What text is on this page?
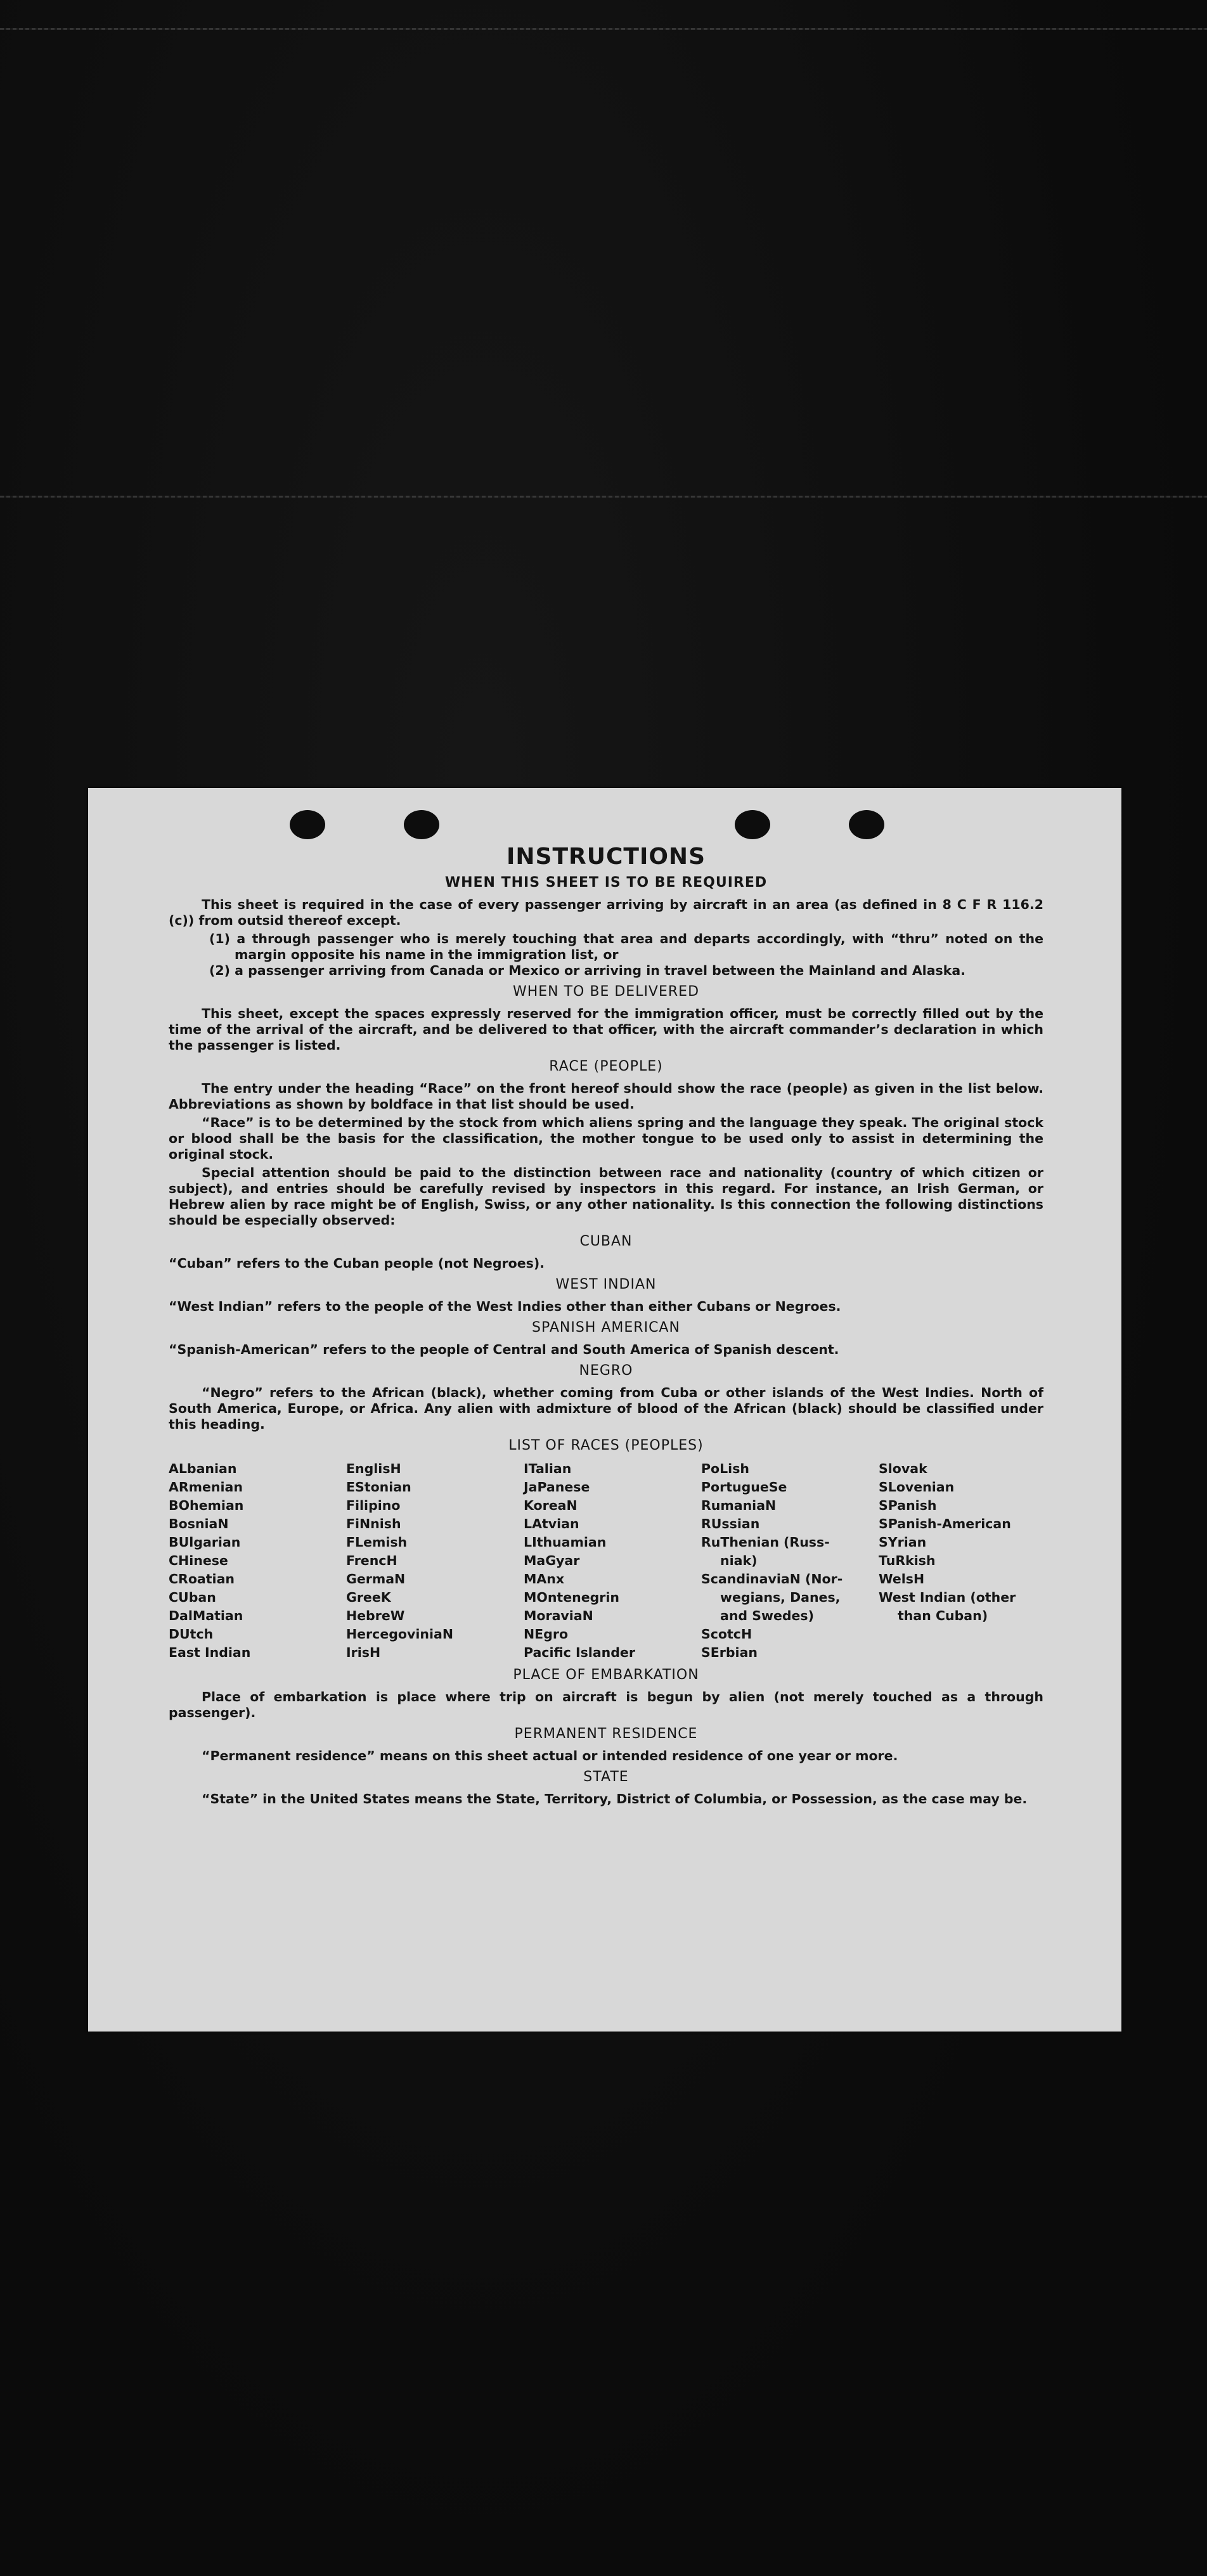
INSTRUCTIONS
WHEN THIS SHEET IS TO BE REQUIRED

This sheet is required in the case of every passenger arriving by aircraft in an area (as defined in 8 C F R 116.2 (c)) from outsid thereof except.

(1) a through passenger who is merely touching that area and departs accordingly, with “thru” noted on the margin opposite his name in the immigration list, or
(2) a passenger arriving from Canada or Mexico or arriving in travel between the Mainland and Alaska.
WHEN TO BE DELIVERED

This sheet, except the spaces expressly reserved for the immigration officer, must be correctly filled out by the time of the arrival of the aircraft, and be delivered to that officer, with the aircraft commander’s declaration in which the passenger is listed.

RACE (PEOPLE)

The entry under the heading “Race” on the front hereof should show the race (people) as given in the list below. Abbreviations as shown by boldface in that list should be used.

“Race” is to be determined by the stock from which aliens spring and the language they speak. The original stock or blood shall be the basis for the classification, the mother tongue to be used only to assist in determining the original stock.

Special attention should be paid to the distinction between race and nationality (country of which citizen or subject), and entries should be carefully revised by inspectors in this regard. For instance, an Irish German, or Hebrew alien by race might be of English, Swiss, or any other nationality. Is this connection the following distinctions should be especially observed:

CUBAN

“Cuban” refers to the Cuban people (not Negroes).

WEST INDIAN

“West Indian” refers to the people of the West Indies other than either Cubans or Negroes.

SPANISH AMERICAN

“Spanish-American” refers to the people of Central and South America of Spanish descent.

NEGRO

“Negro” refers to the African (black), whether coming from Cuba or other islands of the West Indies. North of South America, Europe, or Africa. Any alien with admixture of blood of the African (black) should be classified under this heading.

LIST OF RACES (PEOPLES)
ALbanian
ARmenian
BOhemian
BosniaN
BUlgarian
CHinese
CRoatian
CUban
DalMatian
DUtch
East Indian
EnglisH
EStonian
Filipino
FiNnish
FLemish
FrencH
GermaN
GreeK
HebreW
HercegoviniaN
IrisH
ITalian
JaPanese
KoreaN
LAtvian
LIthuamian
MaGyar
MAnx
MOntenegrin
MoraviaN
NEgro
Pacific Islander
PoLish
PortugueSe
RumaniaN
RUssian
RuThenian (Russ-
niak)
ScandinaviaN (Nor-
wegians, Danes,
and Swedes)
ScotcH
SErbian
Slovak
SLovenian
SPanish
SPanish-American
SYrian
TuRkish
WelsH
West Indian (other
than Cuban)
PLACE OF EMBARKATION

Place of embarkation is place where trip on aircraft is begun by alien (not merely touched as a through passenger).

PERMANENT RESIDENCE

“Permanent residence” means on this sheet actual or intended residence of one year or more.

STATE

“State” in the United States means the State, Territory, District of Columbia, or Possession, as the case may be.
